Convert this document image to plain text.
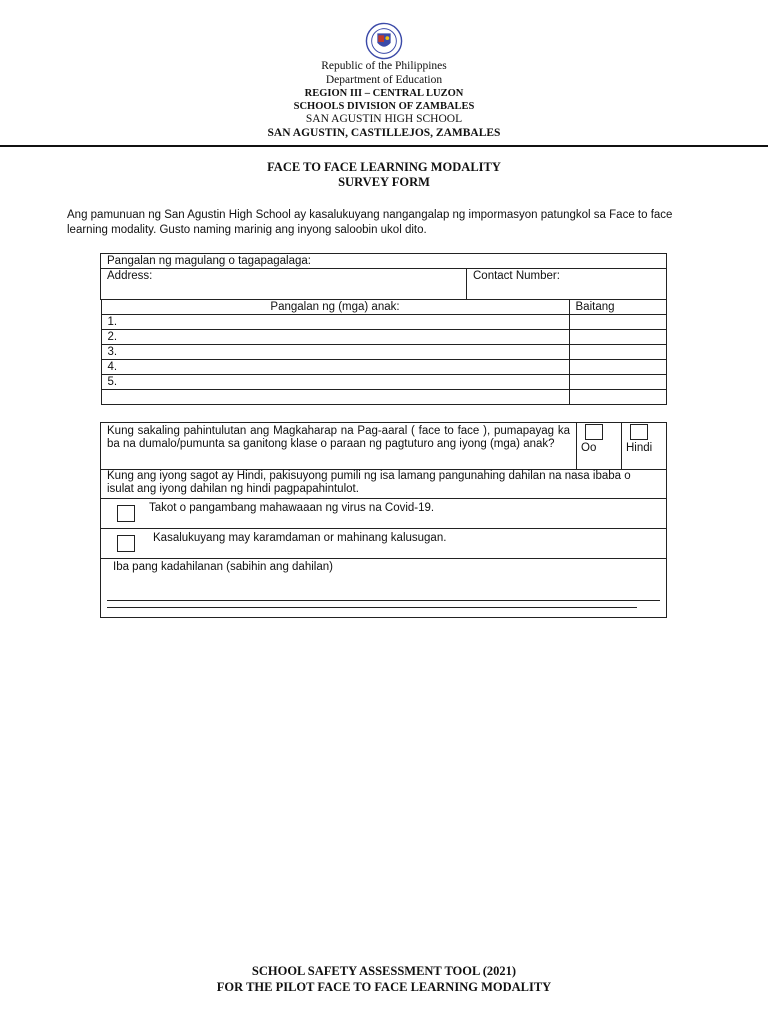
Republic of the Philippines
Department of Education
REGION III – CENTRAL LUZON
SCHOOLS DIVISION OF ZAMBALES
SAN AGUSTIN HIGH SCHOOL
SAN AGUSTIN, CASTILLEJOS, ZAMBALES
FACE TO FACE LEARNING MODALITY
SURVEY FORM
Ang pamunuan ng San Agustin High School ay kasalukuyang nangangalap ng impormasyon patungkol sa Face to face learning modality. Gusto naming marinig ang inyong saloobin ukol dito.
Pangalan ng magulang o tagapagalaga:
Address:	Contact Number:

Pangalan ng (mga) anak:	Baitang
1.	
2.	
3.	
4.	
5.	

Kung sakaling pahintulutan ang Magkaharap na Pag-aaral ( face to face ), pumapayag ka ba na dumalo/pumunta sa ganitong klase o paraan ng pagtuturo ang iyong (mga) anak?	Oo	Hindi
Kung ang iyong sagot ay Hindi, pakisuyong pumili ng isa lamang pangunahing dahilan na nasa ibaba o isulat ang iyong dahilan ng hindi pagpapahintulot.

Takot o pangambang mahawaaan ng virus na Covid-19.

Kasalukuyang may karamdaman or mahinang kalusugan.

Iba pang kadahilanan (sabihin ang dahilan)
SCHOOL SAFETY ASSESSMENT TOOL (2021)
FOR THE PILOT FACE TO FACE LEARNING MODALITY
